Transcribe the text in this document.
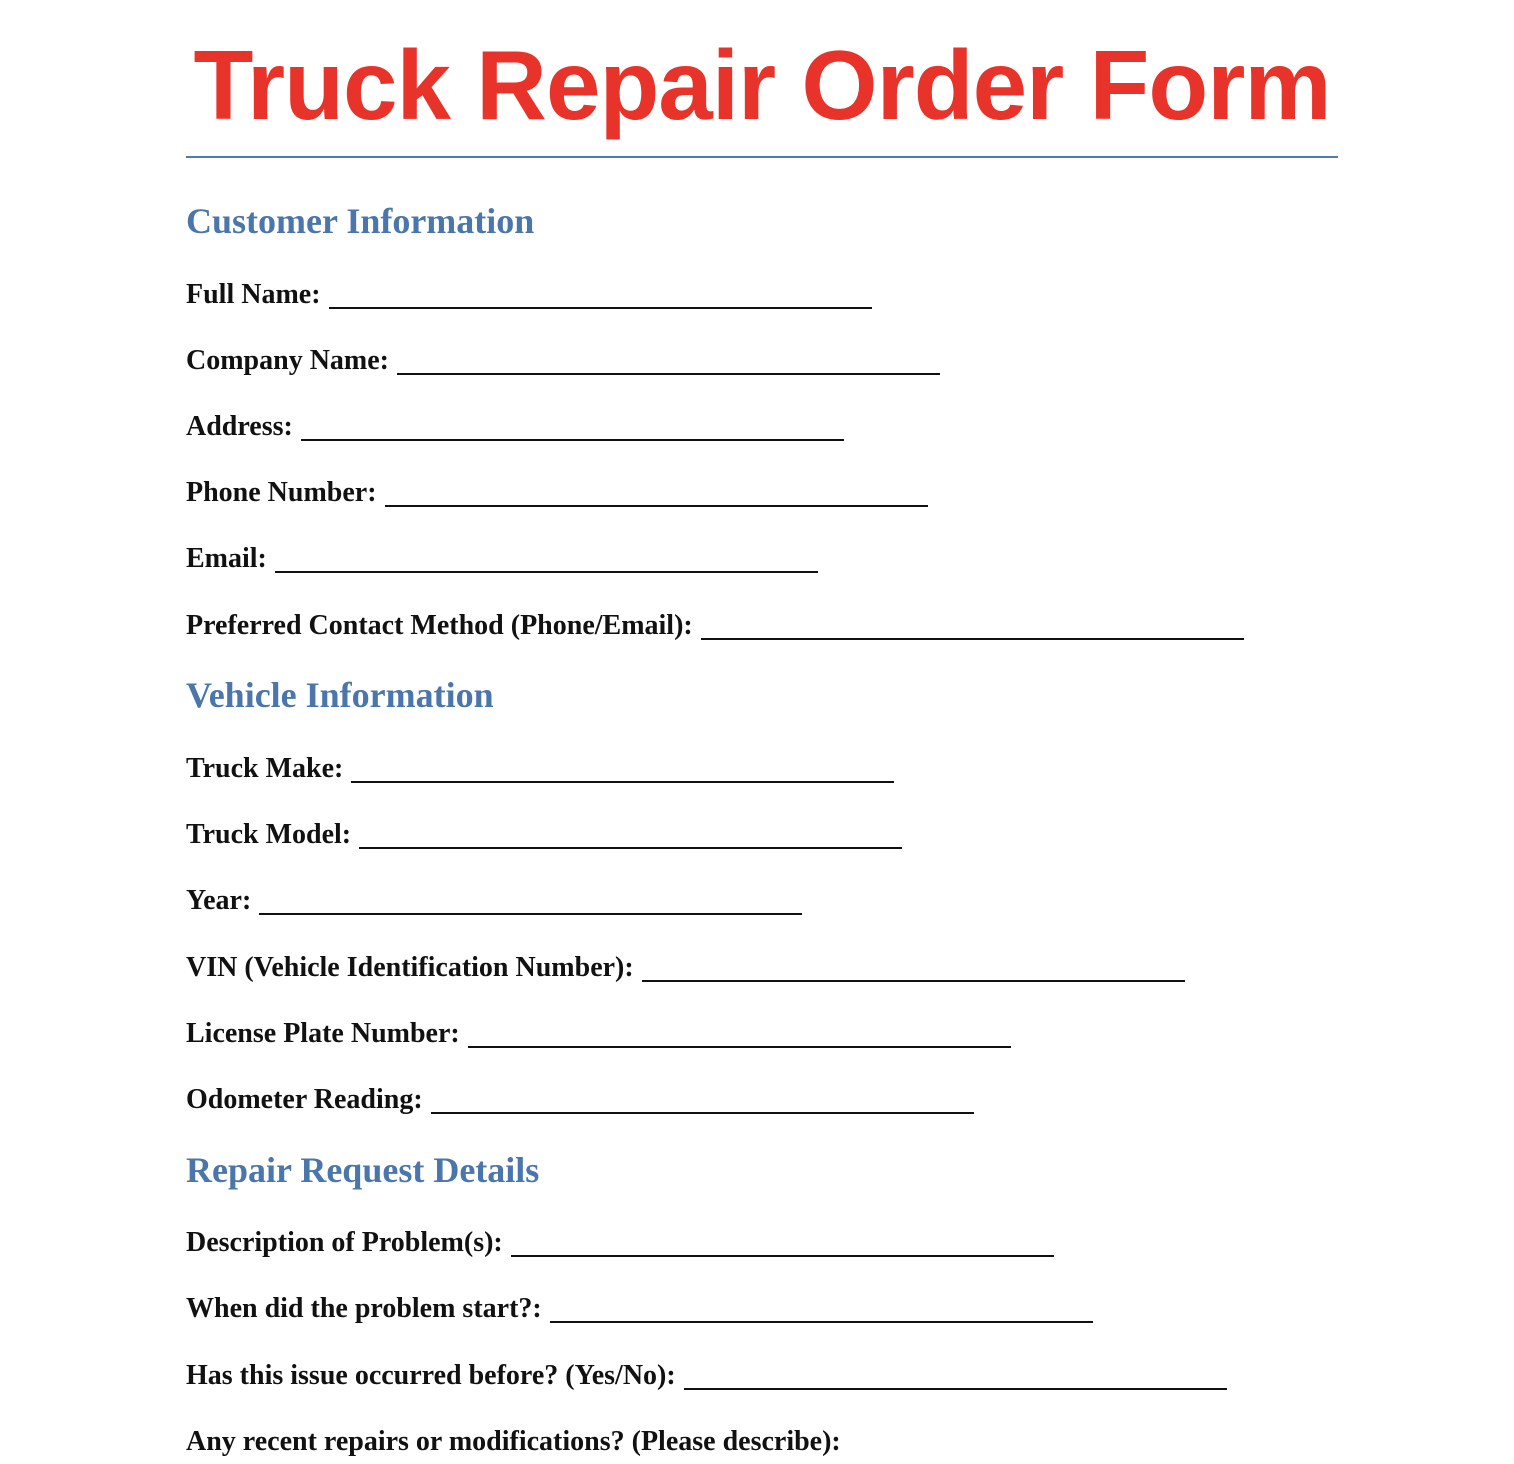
Truck Repair Order Form
Customer Information
Full Name:
Company Name:
Address:
Phone Number:
Email:
Preferred Contact Method (Phone/Email):
Vehicle Information
Truck Make:
Truck Model:
Year:
VIN (Vehicle Identification Number):
License Plate Number:
Odometer Reading:
Repair Request Details
Description of Problem(s):
When did the problem start?:
Has this issue occurred before? (Yes/No):
Any recent repairs or modifications? (Please describe):
